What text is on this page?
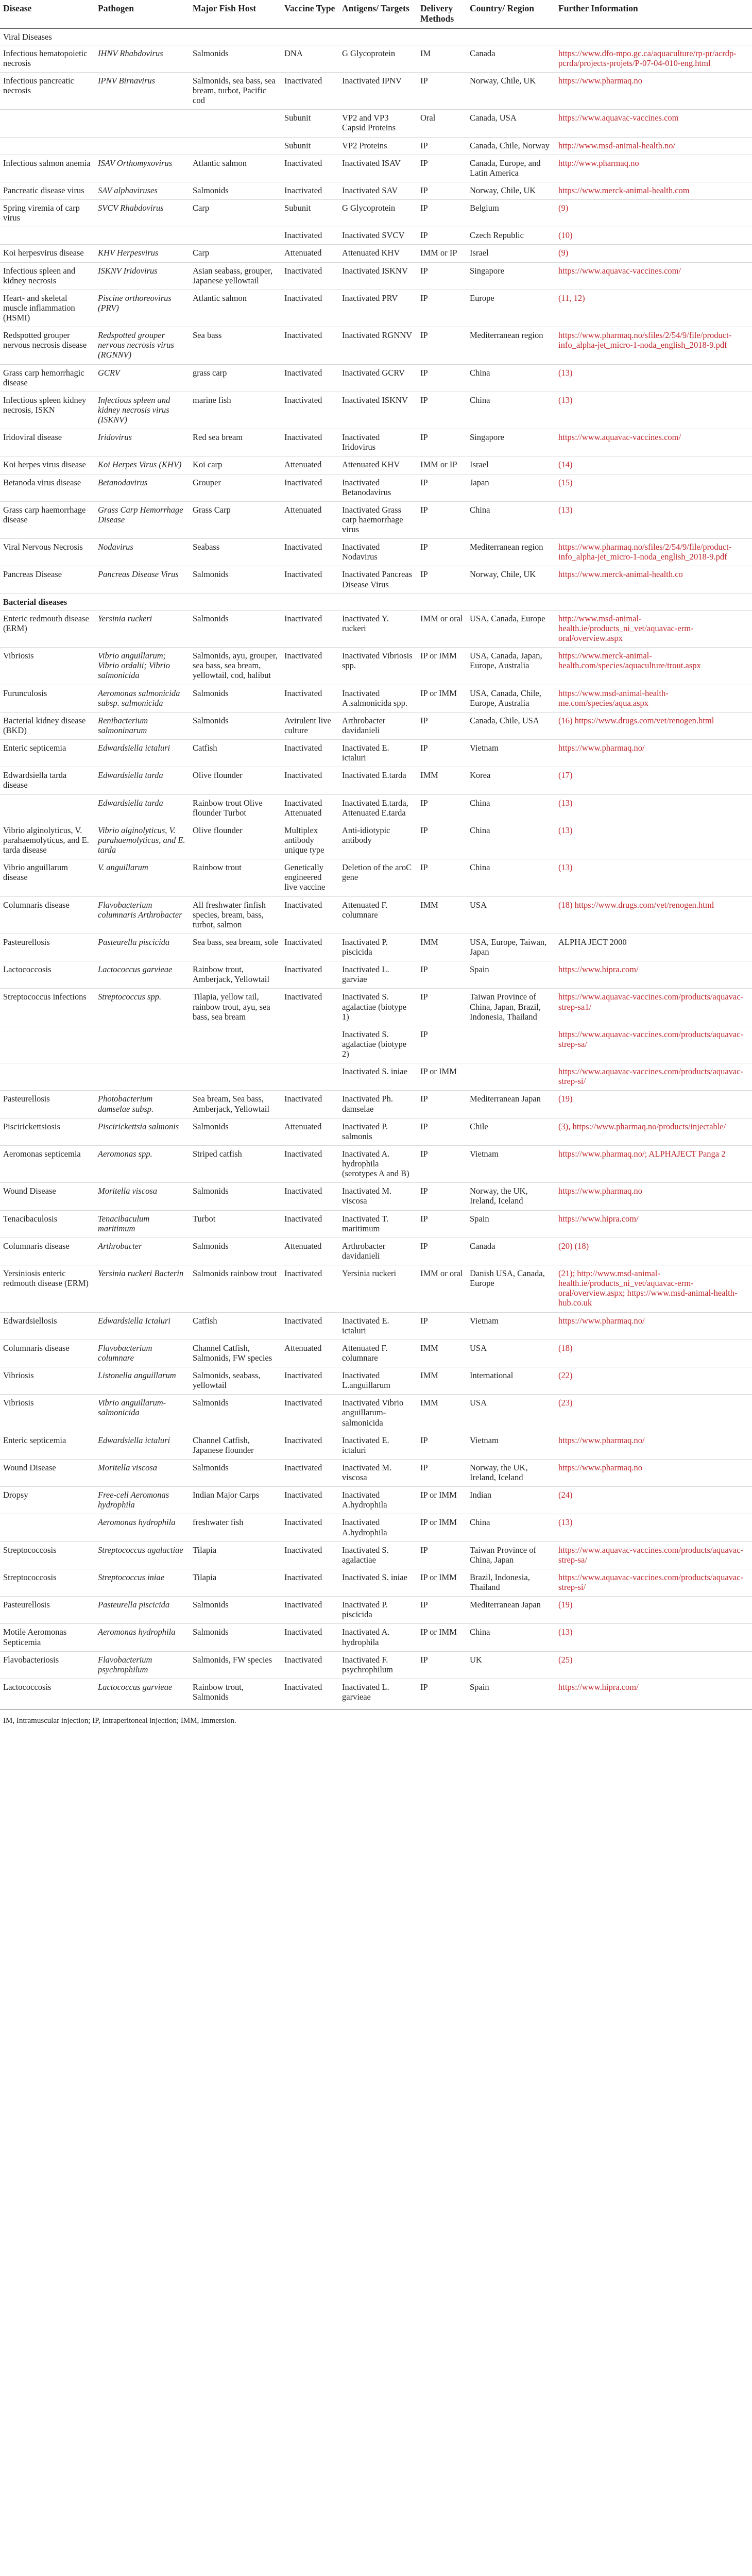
Disease	Pathogen	Major Fish Host	Vaccine Type	Antigens/ Targets	Delivery Methods	Country/ Region	Further Information
Viral Diseases							
Infectious hematopoietic necrosis	IHNV Rhabdovirus	Salmonids	DNA	G Glycoprotein	IM	Canada	https://www.dfo-mpo.gc.ca/aquaculture/rp-pr/acrdp-pcrda/projects-projets/P-07-04-010-eng.html
Infectious pancreatic necrosis	IPNV Birnavirus	Salmonids, sea bass, sea bream, turbot, Pacific cod	Inactivated	Inactivated IPNV	IP	Norway, Chile, UK	https://www.pharmaq.no
			Subunit	VP2 and VP3 Capsid Proteins	Oral	Canada, USA	https://www.aquavac-vaccines.com
			Subunit	VP2 Proteins	IP	Canada, Chile, Norway	http://www.msd-animal-health.no/
Infectious salmon anemia	ISAV Orthomyxovirus	Atlantic salmon	Inactivated	Inactivated ISAV	IP	Canada, Europe, and Latin America	http://www.pharmaq.no
Pancreatic disease virus	SAV alphaviruses	Salmonids	Inactivated	Inactivated SAV	IP	Norway, Chile, UK	https://www.merck-animal-health.com
Spring viremia of carp virus	SVCV Rhabdovirus	Carp	Subunit	G Glycoprotein	IP	Belgium	(9)
			Inactivated	Inactivated SVCV	IP	Czech Republic	(10)
Koi herpesvirus disease	KHV Herpesvirus	Carp	Attenuated	Attenuated KHV	IMM or IP	Israel	(9)
Infectious spleen and kidney necrosis	ISKNV Iridovirus	Asian seabass, grouper, Japanese yellowtail	Inactivated	Inactivated ISKNV	IP	Singapore	https://www.aquavac-vaccines.com/
Heart- and skeletal muscle inflammation (HSMI)	Piscine orthoreovirus (PRV)	Atlantic salmon	Inactivated	Inactivated PRV	IP	Europe	(11, 12)
Redspotted grouper nervous necrosis disease	Redspotted grouper nervous necrosis virus (RGNNV)	Sea bass	Inactivated	Inactivated RGNNV	IP	Mediterranean region	https://www.pharmaq.no/sfiles/2/54/9/file/product-info_alpha-jet_micro-1-noda_english_2018-9.pdf
Grass carp hemorrhagic disease	GCRV	grass carp	Inactivated	Inactivated GCRV	IP	China	(13)
Infectious spleen kidney necrosis, ISKN	Infectious spleen and kidney necrosis virus (ISKNV)	marine fish	Inactivated	Inactivated ISKNV	IP	China	(13)
Iridoviral disease	Iridovirus	Red sea bream	Inactivated	Inactivated Iridovirus	IP	Singapore	https://www.aquavac-vaccines.com/
Koi herpes virus disease	Koi Herpes Virus (KHV)	Koi carp	Attenuated	Attenuated KHV	IMM or IP	Israel	(14)
Betanoda virus disease	Betanodavirus	Grouper	Inactivated	Inactivated Betanodavirus	IP	Japan	(15)
Grass carp haemorrhage disease	Grass Carp Hemorrhage Disease	Grass Carp	Attenuated	Inactivated Grass carp haemorrhage virus	IP	China	(13)
Viral Nervous Necrosis	Nodavirus	Seabass	Inactivated	Inactivated Nodavirus	IP	Mediterranean region	https://www.pharmaq.no/sfiles/2/54/9/file/product-info_alpha-jet_micro-1-noda_english_2018-9.pdf
Pancreas Disease	Pancreas Disease Virus	Salmonids	Inactivated	Inactivated Pancreas Disease Virus	IP	Norway, Chile, UK	https://www.merck-animal-health.co
Bacterial diseases							
Enteric redmouth disease (ERM)	Yersinia ruckeri	Salmonids	Inactivated	Inactivated Y. ruckeri	IMM or oral	USA, Canada, Europe	http://www.msd-animal-health.ie/products_ni_vet/aquavac-erm-oral/overview.aspx
Vibriosis	Vibrio anguillarum; Vibrio ordalii; Vibrio salmonicida	Salmonids, ayu, grouper, sea bass, sea bream, yellowtail, cod, halibut	Inactivated	Inactivated Vibriosis spp.	IP or IMM	USA, Canada, Japan, Europe, Australia	https://www.merck-animal-health.com/species/aquaculture/trout.aspx
Furunculosis	Aeromonas salmonicida subsp. salmonicida	Salmonids	Inactivated	Inactivated A.salmonicida spp.	IP or IMM	USA, Canada, Chile, Europe, Australia	https://www.msd-animal-health-me.com/species/aqua.aspx
Bacterial kidney disease (BKD)	Renibacterium salmoninarum	Salmonids	Avirulent live culture	Arthrobacter davidanieli	IP	Canada, Chile, USA	(16) https://www.drugs.com/vet/renogen.html
Enteric septicemia	Edwardsiella ictaluri	Catfish	Inactivated	Inactivated E. ictaluri	IP	Vietnam	https://www.pharmaq.no/
Edwardsiella tarda disease	Edwardsiella tarda	Olive flounder	Inactivated	Inactivated E.tarda	IMM	Korea	(17)
	Edwardsiella tarda	Rainbow trout Olive flounder Turbot	Inactivated Attenuated	Inactivated E.tarda, Attenuated E.tarda	IP	China	(13)
Vibrio alginolyticus, V. parahaemolyticus, and E. tarda disease	Vibrio alginolyticus, V. parahaemolyticus, and E. tarda	Olive flounder	Multiplex antibody unique type	Anti-idiotypic antibody	IP	China	(13)
Vibrio anguillarum disease	V. anguillarum	Rainbow trout	Genetically engineered live vaccine	Deletion of the aroC gene	IP	China	(13)
Columnaris disease	Flavobacterium columnaris Arthrobacter	All freshwater finfish species, bream, bass, turbot, salmon	Inactivated	Attenuated F. columnare	IMM	USA	(18) https://www.drugs.com/vet/renogen.html
Pasteurellosis	Pasteurella piscicida	Sea bass, sea bream, sole	Inactivated	Inactivated P. piscicida	IMM	USA, Europe, Taiwan, Japan	ALPHA JECT 2000
Lactococcosis	Lactococcus garvieae	Rainbow trout, Amberjack, Yellowtail	Inactivated	Inactivated L. garviae	IP	Spain	https://www.hipra.com/
Streptococcus infections	Streptococcus spp.	Tilapia, yellow tail, rainbow trout, ayu, sea bass, sea bream	Inactivated	Inactivated S. agalactiae (biotype 1)	IP	Taiwan Province of China, Japan, Brazil, Indonesia, Thailand	https://www.aquavac-vaccines.com/products/aquavac-strep-sa1/
				Inactivated S. agalactiae (biotype 2)	IP		https://www.aquavac-vaccines.com/products/aquavac-strep-sa/
				Inactivated S. iniae	IP or IMM		https://www.aquavac-vaccines.com/products/aquavac-strep-si/
Pasteurellosis	Photobacterium damselae subsp.	Sea bream, Sea bass, Amberjack, Yellowtail	Inactivated	Inactivated Ph. damselae	IP	Mediterranean Japan	(19)
Piscirickettsiosis	Piscirickettsia salmonis	Salmonids	Attenuated	Inactivated P. salmonis	IP	Chile	(3), https://www.pharmaq.no/products/injectable/
Aeromonas septicemia	Aeromonas spp.	Striped catfish	Inactivated	Inactivated A. hydrophila (serotypes A and B)	IP	Vietnam	https://www.pharmaq.no/; ALPHAJECT Panga 2
Wound Disease	Moritella viscosa	Salmonids	Inactivated	Inactivated M. viscosa	IP	Norway, the UK, Ireland, Iceland	https://www.pharmaq.no
Tenacibaculosis	Tenacibaculum maritimum	Turbot	Inactivated	Inactivated T. maritimum	IP	Spain	https://www.hipra.com/
Columnaris disease	Arthrobacter	Salmonids	Attenuated	Arthrobacter davidanieli	IP	Canada	(20) (18)
Yersiniosis enteric redmouth disease (ERM)	Yersinia ruckeri Bacterin	Salmonids rainbow trout	Inactivated	Yersinia ruckeri	IMM or oral	Danish USA, Canada, Europe	(21); http://www.msd-animal-health.ie/products_ni_vet/aquavac-erm-oral/overview.aspx; https://www.msd-animal-health-hub.co.uk
Edwardsiellosis	Edwardsiella Ictaluri	Catfish	Inactivated	Inactivated E. ictaluri	IP	Vietnam	https://www.pharmaq.no/
Columnaris disease	Flavobacterium columnare	Channel Catfish, Salmonids, FW species	Attenuated	Attenuated F. columnare	IMM	USA	(18)
Vibriosis	Listonella anguillarum	Salmonids, seabass, yellowtail	Inactivated	Inactivated L.anguillarum	IMM	International	(22)
Vibriosis	Vibrio anguillarum-salmonicida	Salmonids	Inactivated	Inactivated Vibrio anguillarum-salmonicida	IMM	USA	(23)
Enteric septicemia	Edwardsiella ictaluri	Channel Catfish, Japanese flounder	Inactivated	Inactivated E. ictaluri	IP	Vietnam	https://www.pharmaq.no/
Wound Disease	Moritella viscosa	Salmonids	Inactivated	Inactivated M. viscosa	IP	Norway, the UK, Ireland, Iceland	https://www.pharmaq.no
Dropsy	Free-cell Aeromonas hydrophila	Indian Major Carps	Inactivated	Inactivated A.hydrophila	IP or IMM	Indian	(24)
	Aeromonas hydrophila	freshwater fish	Inactivated	Inactivated A.hydrophila	IP or IMM	China	(13)
Streptococcosis	Streptococcus agalactiae	Tilapia	Inactivated	Inactivated S. agalactiae	IP	Taiwan Province of China, Japan	https://www.aquavac-vaccines.com/products/aquavac-strep-sa/
Streptococcosis	Streptococcus iniae	Tilapia	Inactivated	Inactivated S. iniae	IP or IMM	Brazil, Indonesia, Thailand	https://www.aquavac-vaccines.com/products/aquavac-strep-si/
Pasteurellosis	Pasteurella piscicida	Salmonids	Inactivated	Inactivated P. piscicida	IP	Mediterranean Japan	(19)
Motile Aeromonas Septicemia	Aeromonas hydrophila	Salmonids	Inactivated	Inactivated A. hydrophila	IP or IMM	China	(13)
Flavobacteriosis	Flavobacterium psychrophilum	Salmonids, FW species	Inactivated	Inactivated F. psychrophilum	IP	UK	(25)
Lactococcosis	Lactococcus garvieae	Rainbow trout, Salmonids	Inactivated	Inactivated L. garvieae	IP	Spain	https://www.hipra.com/
IM, Intramuscular injection; IP, Intraperitoneal injection; IMM, Immersion.
